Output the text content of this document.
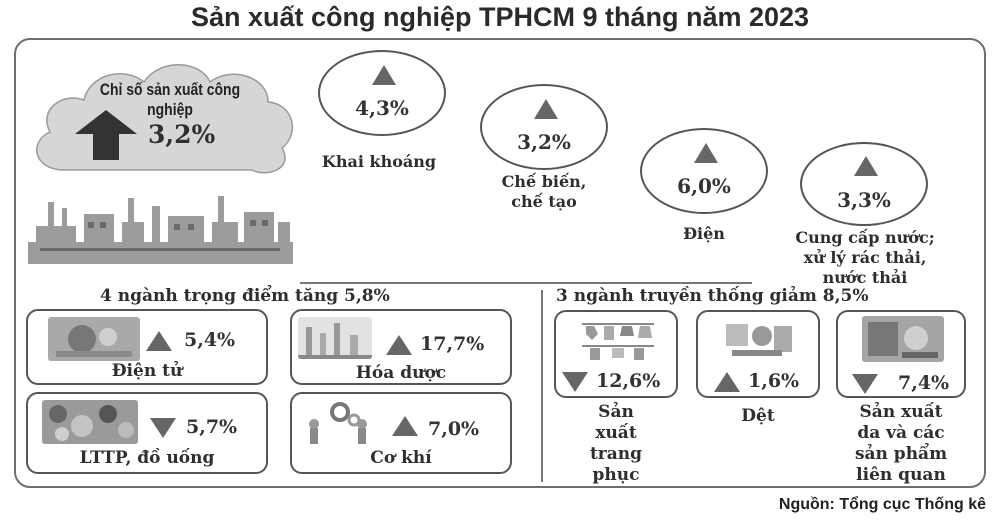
Sản xuất công nghiệp TPHCM 9 tháng năm 2023
Chỉ số sản xuất công nghiệp
3,2%
4,3%
Khai khoáng
3,2%
Chế biến,
chế tạo
6,0%
Điện
3,3%
Cung cấp nước;
xử lý rác thải,
nước thải
4 ngành trọng điểm tăng 5,8%
5,4%
Điện tử
17,7%
Hóa dược
5,7%
LTTP, đồ uống
7,0%
Cơ khí
3 ngành truyền thống giảm 8,5%
12,6%
Sản
xuất
trang
phục
1,6%
Dệt
7,4%
Sản xuất
da và các
sản phẩm
liên quan
Nguồn: Tổng cục Thống kê
